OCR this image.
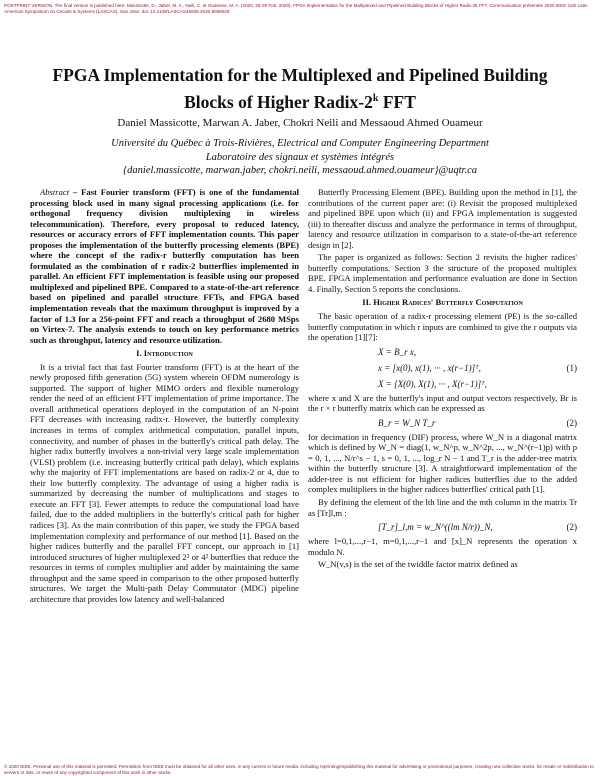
POSTPRINT VERSION. The final version is published here: Massicotte, D., Jaber, M. A., Neili, C. et Ouameur, M. A. (2020, 25-28 Feb. 2020). FPGA Implementation for the Multiplexed and Pipelined Building Blocks of Higher Radix-2k FFT. Communication présentée 2020 IEEE 11th Latin American Symposium on Circuits & Systems (LASCAS), San Jose. doi: 10.1109/LASCAS45839.2020.9069029
FPGA Implementation for the Multiplexed and Pipelined Building Blocks of Higher Radix-2$^k$ FFT
Daniel Massicotte, Marwan A. Jaber, Chokri Neili and Messaoud Ahmed Ouameur
Université du Québec à Trois-Rivières, Electrical and Computer Engineering Department
Laboratoire des signaux et systèmes intégrés
{daniel.massicotte, marwan.jaber, chokri.neili, messaoud.ahmed.ouameur}@uqtr.ca

Abstract – Fast Fourier transform (FFT) is one of the fundamental processing block used in many signal processing applications (i.e. for orthogonal frequency division multiplexing in wireless telecommunication). Therefore, every proposal to reduced latency, resources or accuracy errors of FFT implementation counts. This paper proposes the implementation of the butterfly processing elements (BPE) where the concept of the radix-r butterfly computation has been formulated as the combination of r radix-2 butterflies implemented in parallel. An efficient FFT implementation is feasible using our proposed multiplexed and pipelined BPE. Compared to a state-of-the-art reference based on pipelined and parallel structure FFTs, and FPGA based implementation reveals that the maximum throughput is improved by a factor of 1.3 for a 256-point FFT and reach a throughput of 2680 MSps on Virtex-7. The analysis extends to touch on key performance metrics such as throughput, latency and resource utilization.

I. Introduction

It is a trivial fact that fast Fourier transform (FFT) is at the heart of the newly proposed fifth generation (5G) system wherein OFDM numerology is supported. The support of higher MIMO orders and flexible numerology render the need of an efficient FFT implementation of prime importance. The overall arithmetical operations deployed in the computation of an N-point FFT decreases with increasing radix-r. However, the butterfly complexity increases in terms of complex arithmetical computation, parallel inputs, connectivity, and number of phases in the butterfly's critical path delay. The higher radix butterfly involves a non-trivial very large scale implementation (VLSI) problem (i.e. increasing butterfly critical path delay), which explains why the majority of FFT implementations are based on radix-2 or 4, due to their low butterfly complexity. The advantage of using a higher radix is summarized by decreasing the number of multiplications and stages to execute an FFT [3]. Fewer attempts to reduce the computational load have failed, due to the added multipliers in the butterfly's critical path for higher radices [3]. As the main contribution of this paper, we study the FPGA based implementation complexity and performance of our method [1]. Based on the higher radices butterfly and the parallel FFT concept, our approach in [1] introduced structures of higher multiplexed 2² or 4² butterflies that reduce the resources in terms of complex multiplier and adder by maintaining the same throughput and the same speed in comparison to the other proposed butterfly structures. We target the Multi-path Delay Commutator (MDC) pipeline architecture that provides low latency and well-balanced

Butterfly Processing Element (BPE). Building upon the method in [1], the contributions of the current paper are: (i) Revisit the proposed multiplexed and pipelined BPE upon which (ii) and FPGA implementation is suggested (iii) to thereafter discuss and analyze the performance in terms of throughput, latency and resource utilization in comparison to a state-of-the-art reference design in [2].

The paper is organized as follows: Section 2 revisits the higher radices' butterfly computations. Section 3 the structure of the proposed multiplex BPE. FPGA implementation and performance evaluation are done in Section 4. Finally, Section 5 reports the conclusions.

II. Higher Radices' Butterfly Computation

The basic operation of a radix-r processing element (PE) is the so-called butterfly computation in which r inputs are combined to give the r outputs via the operation [1][7]:

X = B_r x,
x = [x(0), x(1), ··· , x(r−1)]ᵀ,	(1)
X = [X(0), X(1), ··· , X(r−1)]ᵀ,

where x and X are the butterfly's input and output vectors respectively, Br is the r × r butterfly matrix which can be expressed as

B_r = W_N T_r	(2)

for decimation in frequency (DIF) process, where W_N is a diagonal matrix which is defined by W_N = diag(1, w_N^p, w_N^2p, ..., w_N^(r−1)p) with p = 0, 1, ..., N/r^s − 1, s = 0, 1, ..., log_r N − 1 and T_r is the adder-tree matrix within the butterfly structure [3]. A straightforward implementation of the adder-tree is not efficient for higher radices butterflies due to the added complex multipliers in the higher radices butterflies' critical path [1].

By defining the element of the lth line and the mth column in the matrix Tr as [Tr]l,m :

[T_r]_l,m = w_N^((lm N/r))_N,	(2)

where l=0,1,...,r−1, m=0,1,...,r−1 and [x]_N represents the operation x modulo N.

W_N(v,s) is the set of the twiddle factor matrix defined as

© 2020 IEEE. Personal use of this material is permitted. Permission from IEEE must be obtained for all other uses, in any current or future media, including reprinting/republishing this material for advertising or promotional purposes, creating new collective works, for resale or redistribution to servers or lists, or reuse of any copyrighted component of this work in other works.
